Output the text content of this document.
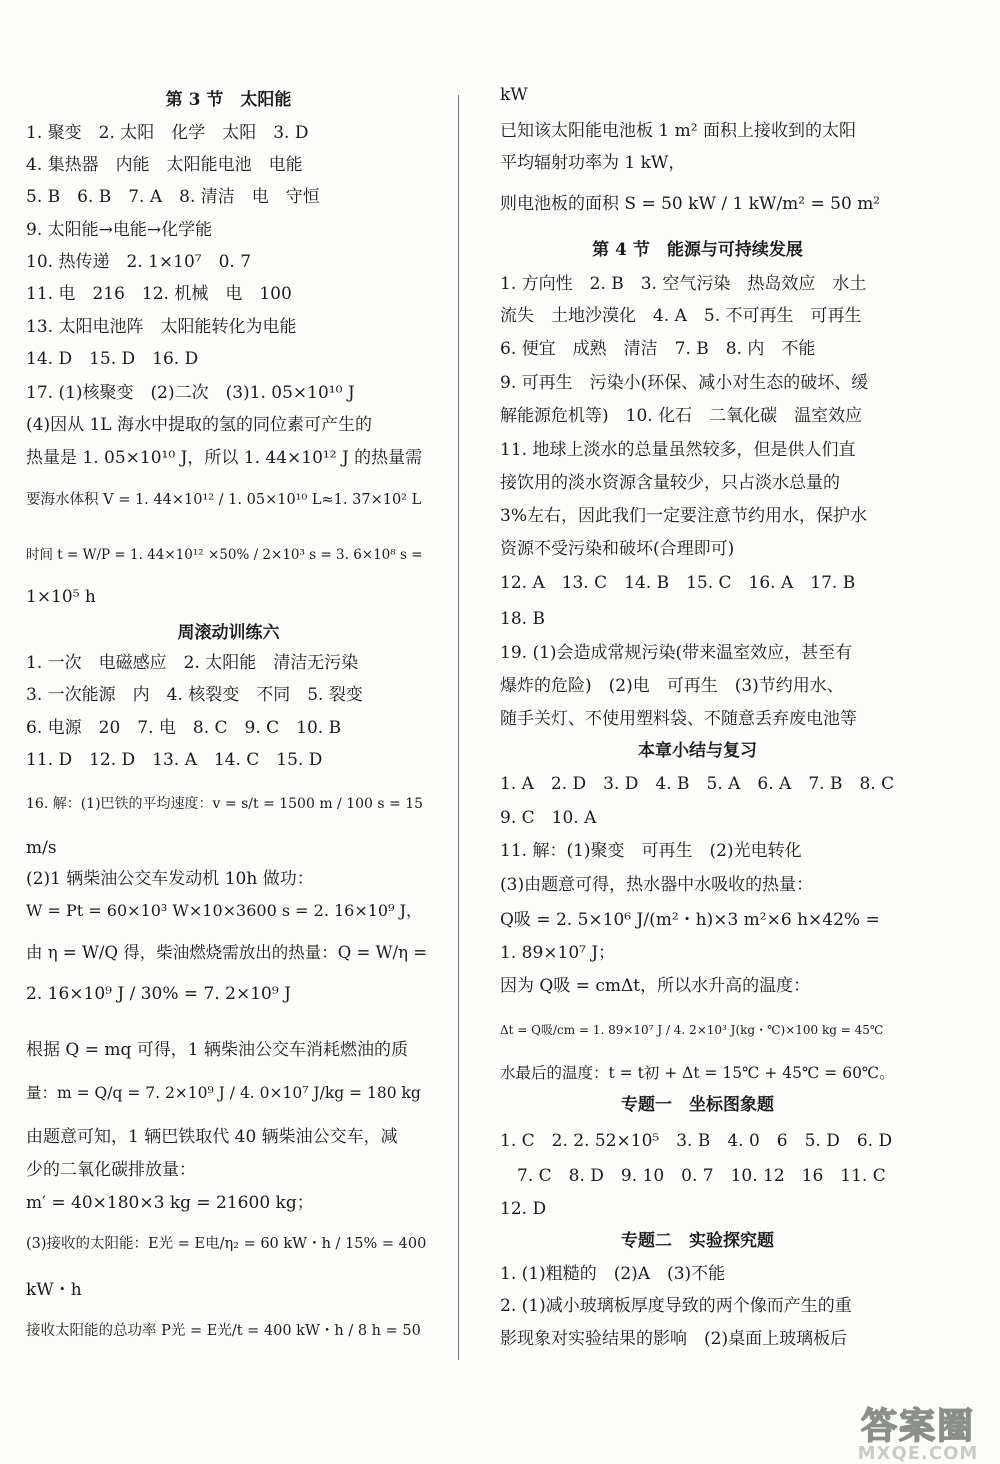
第 3 节　太阳能
1. 聚变　2. 太阳　化学　太阳　3. D
4. 集热器　内能　太阳能电池　电能
5. B　6. B　7. A　8. 清洁　电　守恒
9. 太阳能→电能→化学能
10. 热传递　2. 1×10⁷　0. 7
11. 电　216　12. 机械　电　100
13. 太阳电池阵　太阳能转化为电能
14. D　15. D　16. D
17. (1)核聚变　(2)二次　(3)1. 05×10¹⁰ J
(4)因从 1L 海水中提取的氢的同位素可产生的
热量是 1. 05×10¹⁰ J，所以 1. 44×10¹² J 的热量需
要海水体积 V = 1. 44×10¹² / 1. 05×10¹⁰ L≈1. 37×10² L
时间 t = W/P = 1. 44×10¹² ×50% / 2×10³ s = 3. 6×10⁸ s =
1×10⁵ h
周滚动训练六
1. 一次　电磁感应　2. 太阳能　清洁无污染
3. 一次能源　内　4. 核裂变　不同　5. 裂变
6. 电源　20　7. 电　8. C　9. C　10. B
11. D　12. D　13. A　14. C　15. D
16. 解：(1)巴铁的平均速度：v = s/t = 1500 m / 100 s = 15
m/s
(2)1 辆柴油公交车发动机 10h 做功：
W = Pt = 60×10³ W×10×3600 s = 2. 16×10⁹ J，
由 η = W/Q 得，柴油燃烧需放出的热量：Q = W/η =
2. 16×10⁹ J / 30% = 7. 2×10⁹ J
根据 Q = mq 可得，1 辆柴油公交车消耗燃油的质
量：m = Q/q = 7. 2×10⁹ J / 4. 0×10⁷ J/kg = 180 kg
由题意可知，1 辆巴铁取代 40 辆柴油公交车，减
少的二氧化碳排放量：
m′ = 40×180×3 kg = 21600 kg；
(3)接收的太阳能：E光 = E电/η₂ = 60 kW・h / 15% = 400
kW・h
接收太阳能的总功率 P光 = E光/t = 400 kW・h / 8 h = 50
kW
已知该太阳能电池板 1 m² 面积上接收到的太阳
平均辐射功率为 1 kW，
则电池板的面积 S = 50 kW / 1 kW/m² = 50 m²
第 4 节　能源与可持续发展
1. 方向性　2. B　3. 空气污染　热岛效应　水土
流失　土地沙漠化　4. A　5. 不可再生　可再生
6. 便宜　成熟　清洁　7. B　8. 内　不能
9. 可再生　污染小(环保、减小对生态的破坏、缓
解能源危机等)　10. 化石　二氧化碳　温室效应
11. 地球上淡水的总量虽然较多，但是供人们直
接饮用的淡水资源含量较少，只占淡水总量的
3%左右，因此我们一定要注意节约用水，保护水
资源不受污染和破坏(合理即可)
12. A　13. C　14. B　15. C　16. A　17. B
18. B
19. (1)会造成常规污染(带来温室效应，甚至有
爆炸的危险)　(2)电　可再生　(3)节约用水、
随手关灯、不使用塑料袋、不随意丢弃废电池等
本章小结与复习
1. A　2. D　3. D　4. B　5. A　6. A　7. B　8. C
9. C　10. A
11. 解：(1)聚变　可再生　(2)光电转化
(3)由题意可得，热水器中水吸收的热量：
Q吸 = 2. 5×10⁶ J/(m²・h)×3 m²×6 h×42% =
1. 89×10⁷ J；
因为 Q吸 = cmΔt，所以水升高的温度：
Δt = Q吸/cm = 1. 89×10⁷ J / 4. 2×10³ J(kg・℃)×100 kg = 45℃
水最后的温度：t = t初 + Δt = 15℃ + 45℃ = 60℃。
专题一　坐标图象题
1. C　2. 2. 52×10⁵　3. B　4. 0　6　5. D　6. D
　7. C　8. D　9. 10　0. 7　10. 12　16　11. C
12. D
专题二　实验探究题
1. (1)粗糙的　(2)A　(3)不能
2. (1)减小玻璃板厚度导致的两个像而产生的重
影现象对实验结果的影响　(2)桌面上玻璃板后
答案圈
MXQE.COM
